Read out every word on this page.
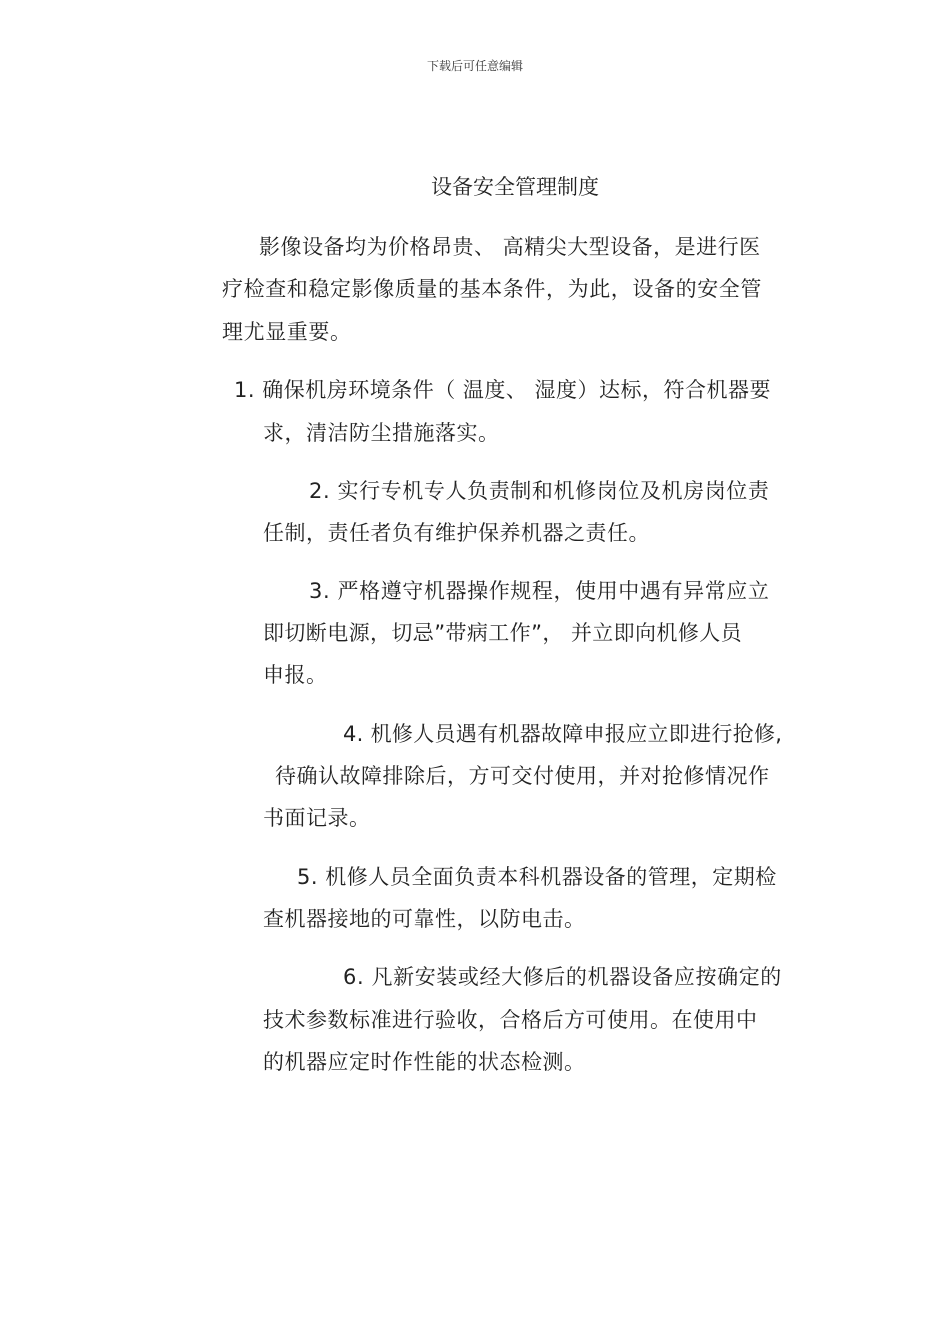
下载后可任意编辑
设备安全管理制度
影像设备均为价格昂贵、 高精尖大型设备，是进行医
疗检查和稳定影像质量的基本条件，为此，设备的安全管
理尤显重要。
1. 确保机房环境条件（ 温度、 湿度）达标，符合机器要
求，清洁防尘措施落实。
2. 实行专机专人负责制和机修岗位及机房岗位责
任制，责任者负有维护保养机器之责任。
3. 严格遵守机器操作规程，使用中遇有异常应立
即切断电源，切忌”带病工作”， 并立即向机修人员
申报。
4. 机修人员遇有机器故障申报应立即进行抢修,
待确认故障排除后，方可交付使用，并对抢修情况作
书面记录。
5. 机修人员全面负责本科机器设备的管理，定期检
查机器接地的可靠性，以防电击。
6. 凡新安装或经大修后的机器设备应按确定的
技术参数标准进行验收，合格后方可使用。在使用中
的机器应定时作性能的状态检测。
